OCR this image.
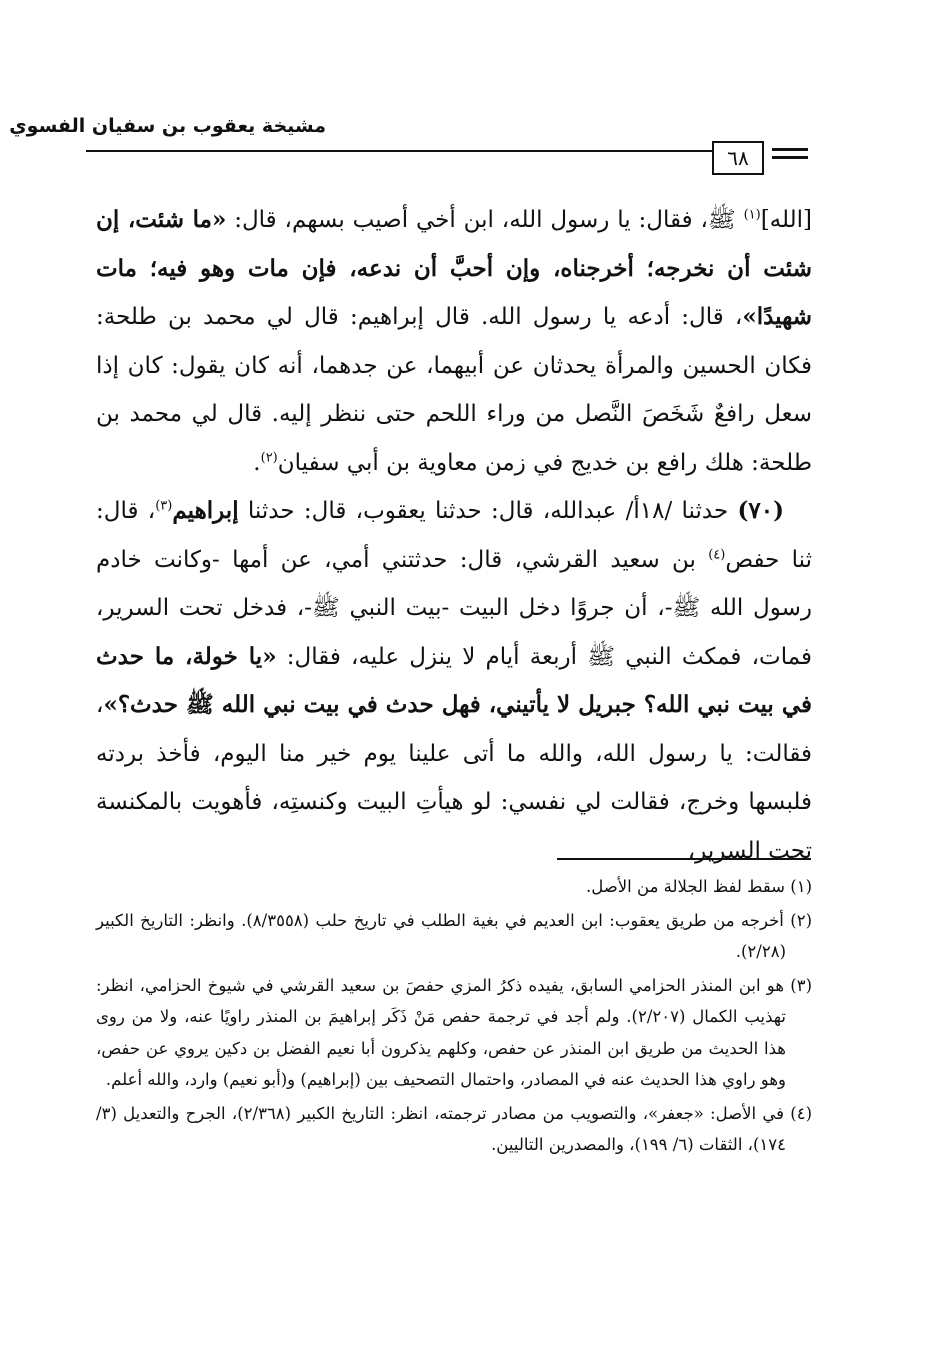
مشيخة يعقوب بن سفيان الفسوي
٦٨

[الله]$^{(١)}$ ﷺ، فقال: يا رسول الله، ابن أخي أصيب بسهم، قال: «ما شئت، إن شئت أن نخرجه؛ أخرجناه، وإن أحبَّ أن ندعه، فإن مات وهو فيه؛ مات شهيدًا»، قال: أدعه يا رسول الله. قال إبراهيم: قال لي محمد بن طلحة: فكان الحسين والمرأة يحدثان عن أبيهما، عن جدهما، أنه كان يقول: كان إذا سعل رافعٌ شَخَصَ النَّصل من وراء اللحم حتى ننظر إليه. قال لي محمد بن طلحة: هلك رافع بن خديج في زمن معاوية بن أبي سفيان$^{(٢)}$.

(٧٠) حدثنا /١٨أ/ عبدالله، قال: حدثنا يعقوب، قال: حدثنا إبراهيم$^{(٣)}$، قال: ثنا حفص$^{(٤)}$ بن سعيد القرشي، قال: حدثتني أمي، عن أمها -وكانت خادم رسول الله ﷺ-، أن جروًا دخل البيت -بيت النبي ﷺ-، فدخل تحت السرير، فمات، فمكث النبي ﷺ أربعة أيام لا ينزل عليه، فقال: «يا خولة، ما حدث في بيت نبي الله؟ جبريل لا يأتيني، فهل حدث في بيت نبي الله ﷺ حدث؟»، فقالت: يا رسول الله، والله ما أتى علينا يوم خير منا اليوم، فأخذ بردته فلبسها وخرج، فقالت لي نفسي: لو هيأتِ البيت وكنستِه، فأهويت بالمكنسة تحت السرير،

(١) سقط لفظ الجلالة من الأصل.

(٢) أخرجه من طريق يعقوب: ابن العديم في بغية الطلب في تاريخ حلب (٨/٣٥٥٨). وانظر: التاريخ الكبير (٢/٢٨).

(٣) هو ابن المنذر الحزامي السابق، يفيده ذكرُ المزي حفصَ بن سعيد القرشي في شيوخ الحزامي، انظر: تهذيب الكمال (٢/٢٠٧). ولم أجد في ترجمة حفص مَنْ ذَكَر إبراهيمَ بن المنذر راويًا عنه، ولا من روى هذا الحديث من طريق ابن المنذر عن حفص، وكلهم يذكرون أبا نعيم الفضل بن دكين يروي عن حفص، وهو راوي هذا الحديث عنه في المصادر، واحتمال التصحيف بين (إبراهيم) و(أبو نعيم) وارد، والله أعلم.

(٤) في الأصل: «جعفر»، والتصويب من مصادر ترجمته، انظر: التاريخ الكبير (٢/٣٦٨)، الجرح والتعديل (٣/ ١٧٤)، الثقات (٦/ ١٩٩)، والمصدرين التاليين.
